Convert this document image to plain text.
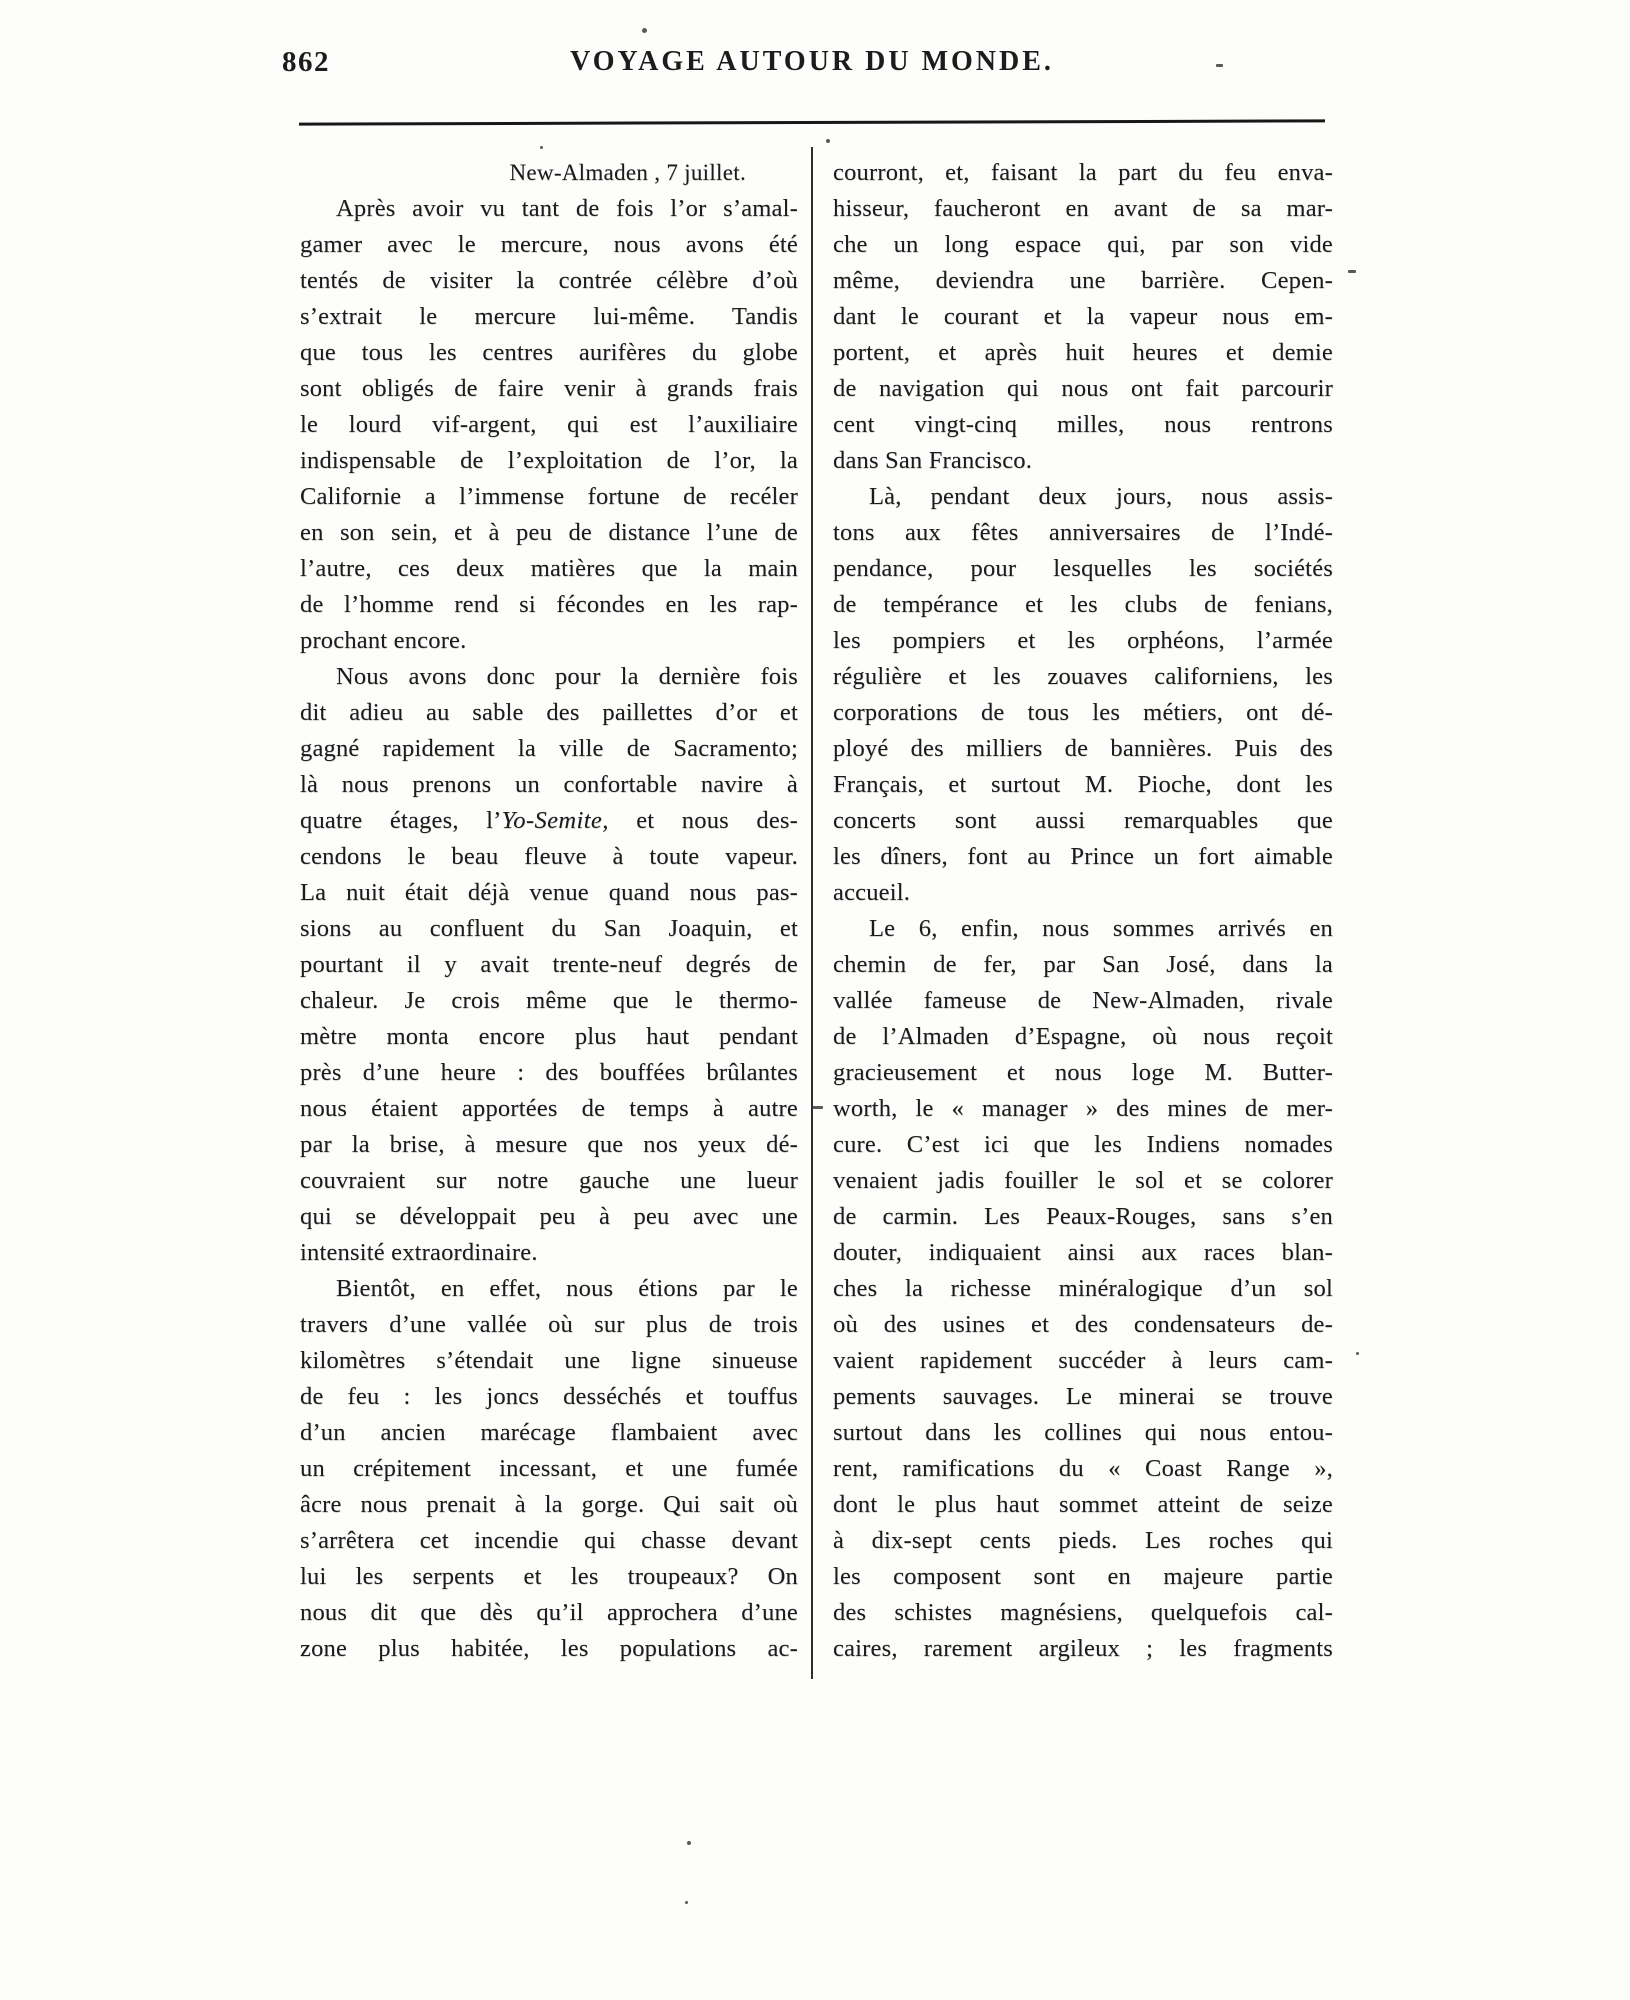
862	VOYAGE AUTOUR DU MONDE.
New-Almaden , 7 juillet.
Après avoir vu tant de fois l’or s’amal-
gamer avec le mercure, nous avons été
tentés de visiter la contrée célèbre d’où
s’extrait le mercure lui-même. Tandis
que tous les centres aurifères du globe
sont obligés de faire venir à grands frais
le lourd vif-argent, qui est l’auxiliaire
indispensable de l’exploitation de l’or, la
Californie a l’immense fortune de recéler
en son sein, et à peu de distance l’une de
l’autre, ces deux matières que la main
de l’homme rend si fécondes en les rap-
prochant encore.
Nous avons donc pour la dernière fois
dit adieu au sable des paillettes d’or et
gagné rapidement la ville de Sacramento;
là nous prenons un confortable navire à
quatre étages, l’Yo-Semite, et nous des-
cendons le beau fleuve à toute vapeur.
La nuit était déjà venue quand nous pas-
sions au confluent du San Joaquin, et
pourtant il y avait trente-neuf degrés de
chaleur. Je crois même que le thermo-
mètre monta encore plus haut pendant
près d’une heure : des bouffées brûlantes
nous étaient apportées de temps à autre
par la brise, à mesure que nos yeux dé-
couvraient sur notre gauche une lueur
qui se développait peu à peu avec une
intensité extraordinaire.
Bientôt, en effet, nous étions par le
travers d’une vallée où sur plus de trois
kilomètres s’étendait une ligne sinueuse
de feu : les joncs desséchés et touffus
d’un ancien marécage flambaient avec
un crépitement incessant, et une fumée
âcre nous prenait à la gorge. Qui sait où
s’arrêtera cet incendie qui chasse devant
lui les serpents et les troupeaux? On
nous dit que dès qu’il approchera d’une
zone plus habitée, les populations ac-
courront, et, faisant la part du feu enva-
hisseur, faucheront en avant de sa mar-
che un long espace qui, par son vide
même, deviendra une barrière. Cepen-
dant le courant et la vapeur nous em-
portent, et après huit heures et demie
de navigation qui nous ont fait parcourir
cent vingt-cinq milles, nous rentrons
dans San Francisco.
Là, pendant deux jours, nous assis-
tons aux fêtes anniversaires de l’Indé-
pendance, pour lesquelles les sociétés
de tempérance et les clubs de fenians,
les pompiers et les orphéons, l’armée
régulière et les zouaves californiens, les
corporations de tous les métiers, ont dé-
ployé des milliers de bannières. Puis des
Français, et surtout M. Pioche, dont les
concerts sont aussi remarquables que
les dîners, font au Prince un fort aimable
accueil.
Le 6, enfin, nous sommes arrivés en
chemin de fer, par San José, dans la
vallée fameuse de New-Almaden, rivale
de l’Almaden d’Espagne, où nous reçoit
gracieusement et nous loge M. Butter-
worth, le « manager » des mines de mer-
cure. C’est ici que les Indiens nomades
venaient jadis fouiller le sol et se colorer
de carmin. Les Peaux-Rouges, sans s’en
douter, indiquaient ainsi aux races blan-
ches la richesse minéralogique d’un sol
où des usines et des condensateurs de-
vaient rapidement succéder à leurs cam-
pements sauvages. Le minerai se trouve
surtout dans les collines qui nous entou-
rent, ramifications du « Coast Range »,
dont le plus haut sommet atteint de seize
à dix-sept cents pieds. Les roches qui
les composent sont en majeure partie
des schistes magnésiens, quelquefois cal-
caires, rarement argileux ; les fragments
